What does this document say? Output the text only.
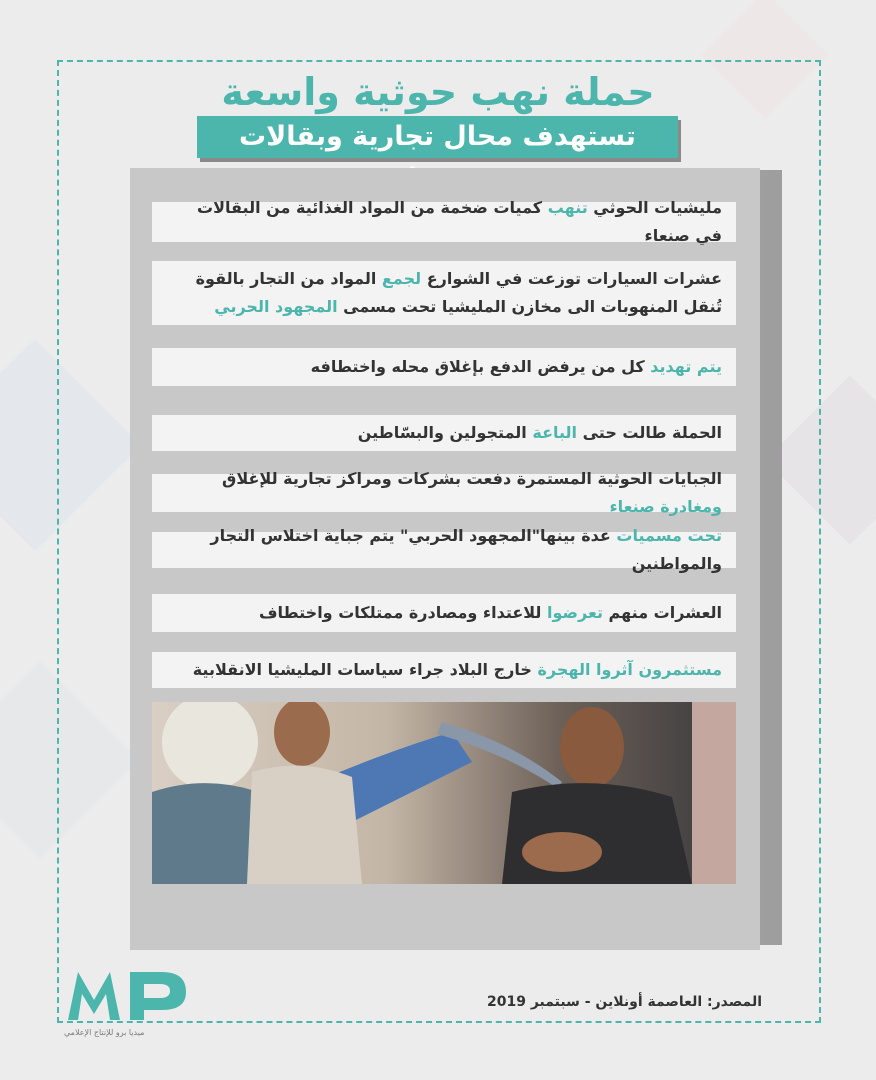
حملة نهب حوثية واسعة
تستهدف محال تجارية وبقالات
مليشيات الحوثي تنهب كميات ضخمة من المواد الغذائية من البقالات في صنعاء
عشرات السيارات توزعت في الشوارع لجمع المواد من التجار بالقوة تُنقل المنهوبات الى مخازن المليشيا تحت مسمى المجهود الحربي
يتم تهديد كل من يرفض الدفع بإغلاق محله واختطافه
الحملة طالت حتى الباعة المتجولين والبسّاطين
الجبايات الحوثية المستمرة دفعت بشركات ومراكز تجارية للإغلاق ومغادرة صنعاء
تحت مسميات عدة بينها"المجهود الحربي" يتم جباية اختلاس التجار والمواطنين
العشرات منهم تعرضوا للاعتداء ومصادرة ممتلكات واختطاف
مستثمرون آثروا الهجرة خارج البلاد جراء سياسات المليشيا الانقلابية
المصدر: العاصمة أونلاين - سبتمبر 2019
ميديا برو للإنتاج الإعلامي
